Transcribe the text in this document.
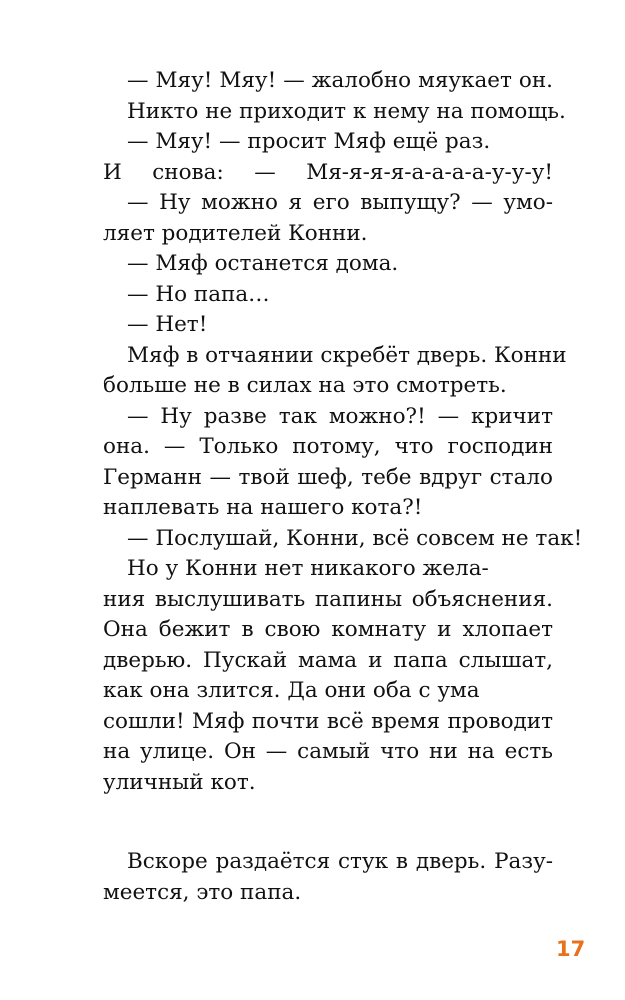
— Мяу! Мяу! — жалобно мяукает он.
Никто не приходит к нему на помощь.
— Мяу! — просит Мяф ещё раз.
И снова: — Мя-я-я-я-а-а-а-а-у-у-у!
— Ну можно я его выпущу? — умо-
ляет родителей Конни.
— Мяф останется дома.
— Но папа…
— Нет!
Мяф в отчаянии скребёт дверь. Конни
больше не в силах на это смотреть.
— Ну разве так можно?! — кричит
она. — Только потому, что господин
Германн — твой шеф, тебе вдруг стало
наплевать на нашего кота?!
— Послушай, Конни, всё совсем не так!
Но у Конни нет никакого жела-
ния выслушивать папины объяснения.
Она бежит в свою комнату и хлопает
дверью. Пускай мама и папа слышат,
как она злится. Да они оба с ума
сошли! Мяф почти всё время проводит
на улице. Он — самый что ни на есть
уличный кот.
Вскоре раздаётся стук в дверь. Разу-
меется, это папа.
17
